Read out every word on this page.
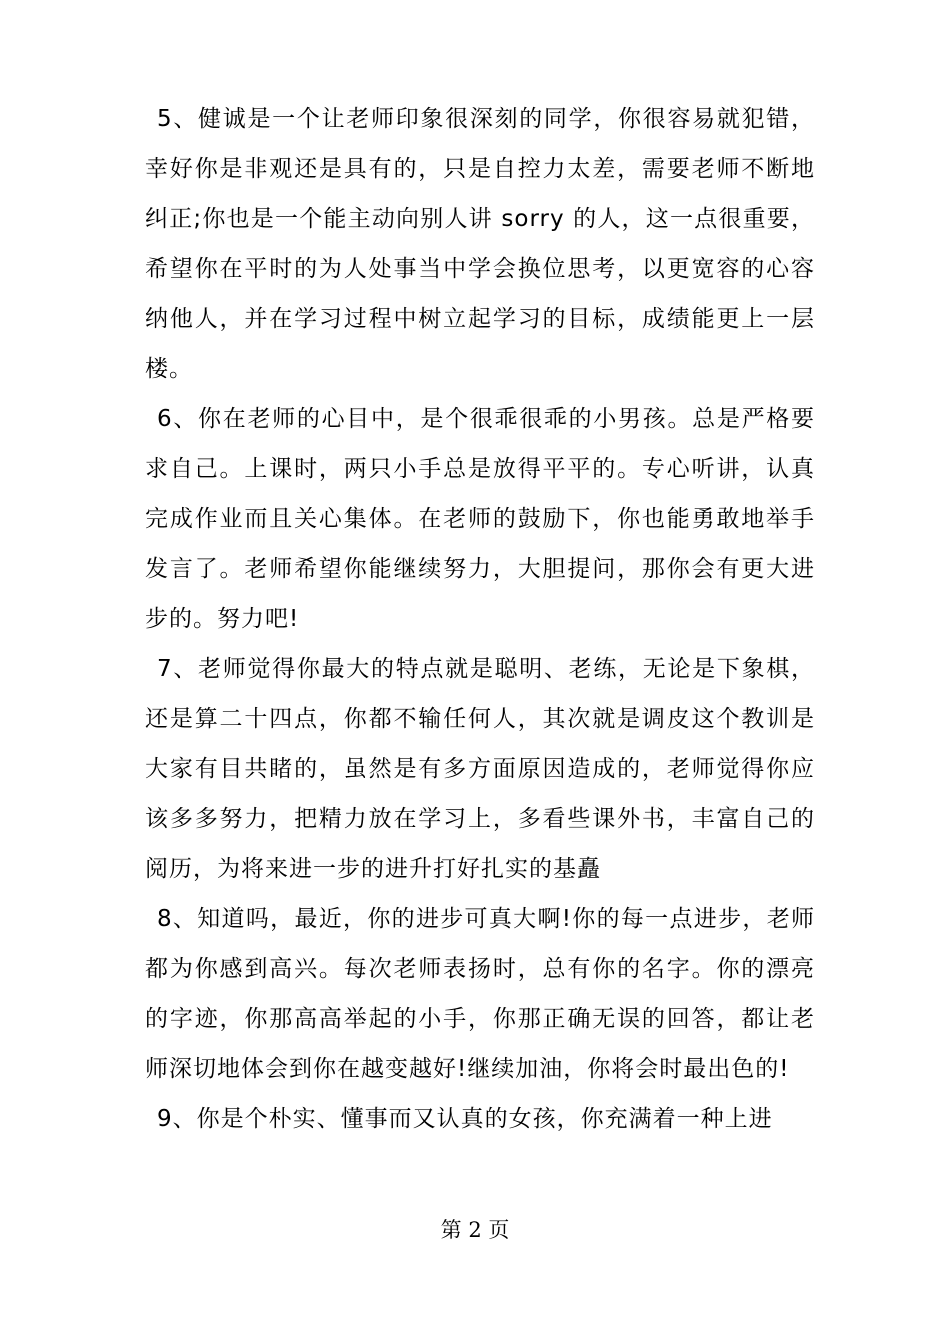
5、健诚是一个让老师印象很深刻的同学，你很容易就犯错，幸好你是非观还是具有的，只是自控力太差，需要老师不断地纠正;你也是一个能主动向别人讲 sorry 的人，这一点很重要，希望你在平时的为人处事当中学会换位思考，以更宽容的心容纳他人，并在学习过程中树立起学习的目标，成绩能更上一层楼。

6、你在老师的心目中，是个很乖很乖的小男孩。总是严格要求自己。上课时，两只小手总是放得平平的。专心听讲，认真完成作业而且关心集体。在老师的鼓励下，你也能勇敢地举手发言了。老师希望你能继续努力，大胆提问，那你会有更大进步的。努力吧!

7、老师觉得你最大的特点就是聪明、老练，无论是下象棋，还是算二十四点，你都不输任何人，其次就是调皮这个教训是大家有目共睹的，虽然是有多方面原因造成的，老师觉得你应该多多努力，把精力放在学习上，多看些课外书，丰富自己的阅历，为将来进一步的进升打好扎实的基矗

8、知道吗，最近，你的进步可真大啊!你的每一点进步，老师都为你感到高兴。每次老师表扬时，总有你的名字。你的漂亮的字迹，你那高高举起的小手，你那正确无误的回答，都让老师深切地体会到你在越变越好!继续加油，你将会时最出色的!

9、你是个朴实、懂事而又认真的女孩，你充满着一种上进

第 2 页
